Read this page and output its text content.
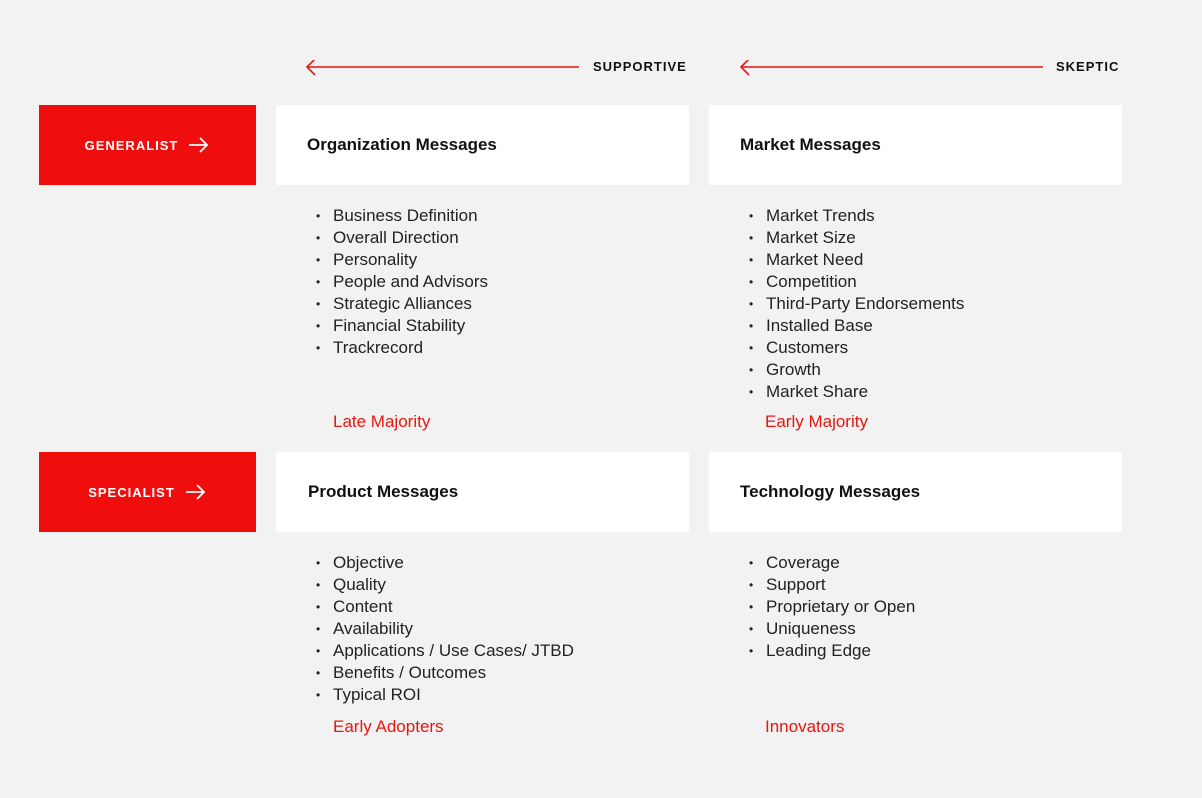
SUPPORTIVE	SKEPTIC
GENERALIST
SPECIALIST
Organization Messages
• Business Definition
• Overall Direction
• Personality
• People and Advisors
• Strategic Alliances
• Financial Stability
• Trackrecord
Late Majority
Market Messages
• Market Trends
• Market Size
• Market Need
• Competition
• Third-Party Endorsements
• Installed Base
• Customers
• Growth
• Market Share
Early Majority
Product Messages
• Objective
• Quality
• Content
• Availability
• Applications / Use Cases/ JTBD
• Benefits / Outcomes
• Typical ROI
Early Adopters
Technology Messages
• Coverage
• Support
• Proprietary or Open
• Uniqueness
• Leading Edge
Innovators
